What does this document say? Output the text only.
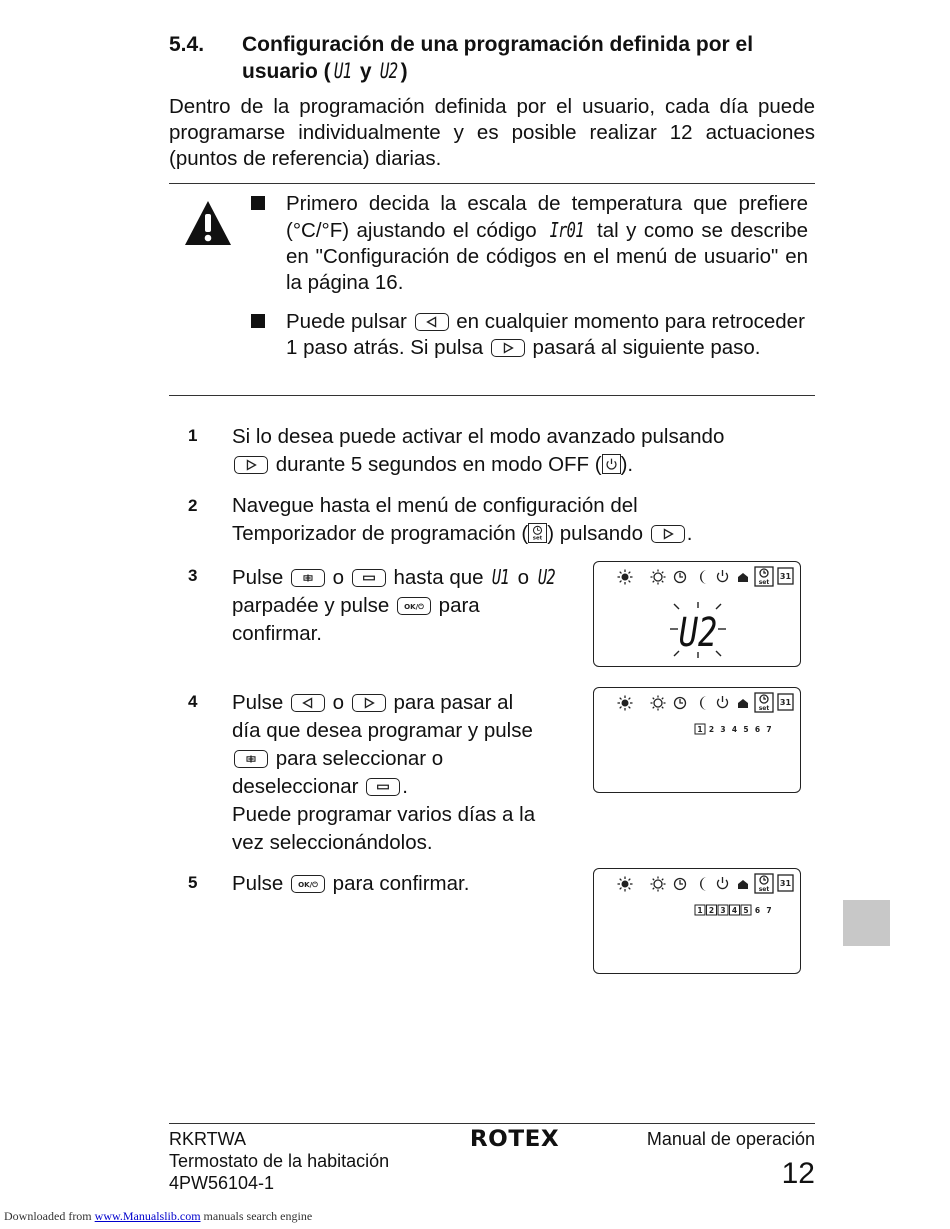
5.4. Configuración de una programación definida por el
usuario ( U1 y U2 )
Dentro de la programación definida por el usuario, cada día puede programarse individualmente y es posible realizar 12 actuaciones (puntos de referencia) diarias.
Primero decida la escala de temperatura que prefiere (°C/°F) ajustando el código Ir01 tal y como se describe en "Configuración de códigos en el menú de usuario" en la página 16.
Puede pulsar
en cualquier momento para retroceder 1 paso atrás. Si pulsa
pasará al siguiente paso.
1 Si lo desea puede activar el modo avanzado pulsando

durante 5 segundos en modo OFF ( ).
2 Navegue hasta el menú de configuración del
Temporizador de programación ( set ) pulsando
.
3 Pulse
o
hasta que U1 o U2
parpadée y pulse OK/⏻ para
confirmar.
set
31
U2
4 Pulse
o
para pasar al
día que desea programar y pulse

para seleccionar o
deseleccionar
.
Puede programar varios días a la
vez seleccionándolos.
set
31
1 2 3 4 5 6 7
5 Pulse OK/⏻ para confirmar.	set
31
1 2 3 4 5 6 7
RKRTWA
Termostato de la habitación
4PW56104-1
ROTEX	Manual de operación
12
Downloaded from www.Manualslib.com manuals search engine
